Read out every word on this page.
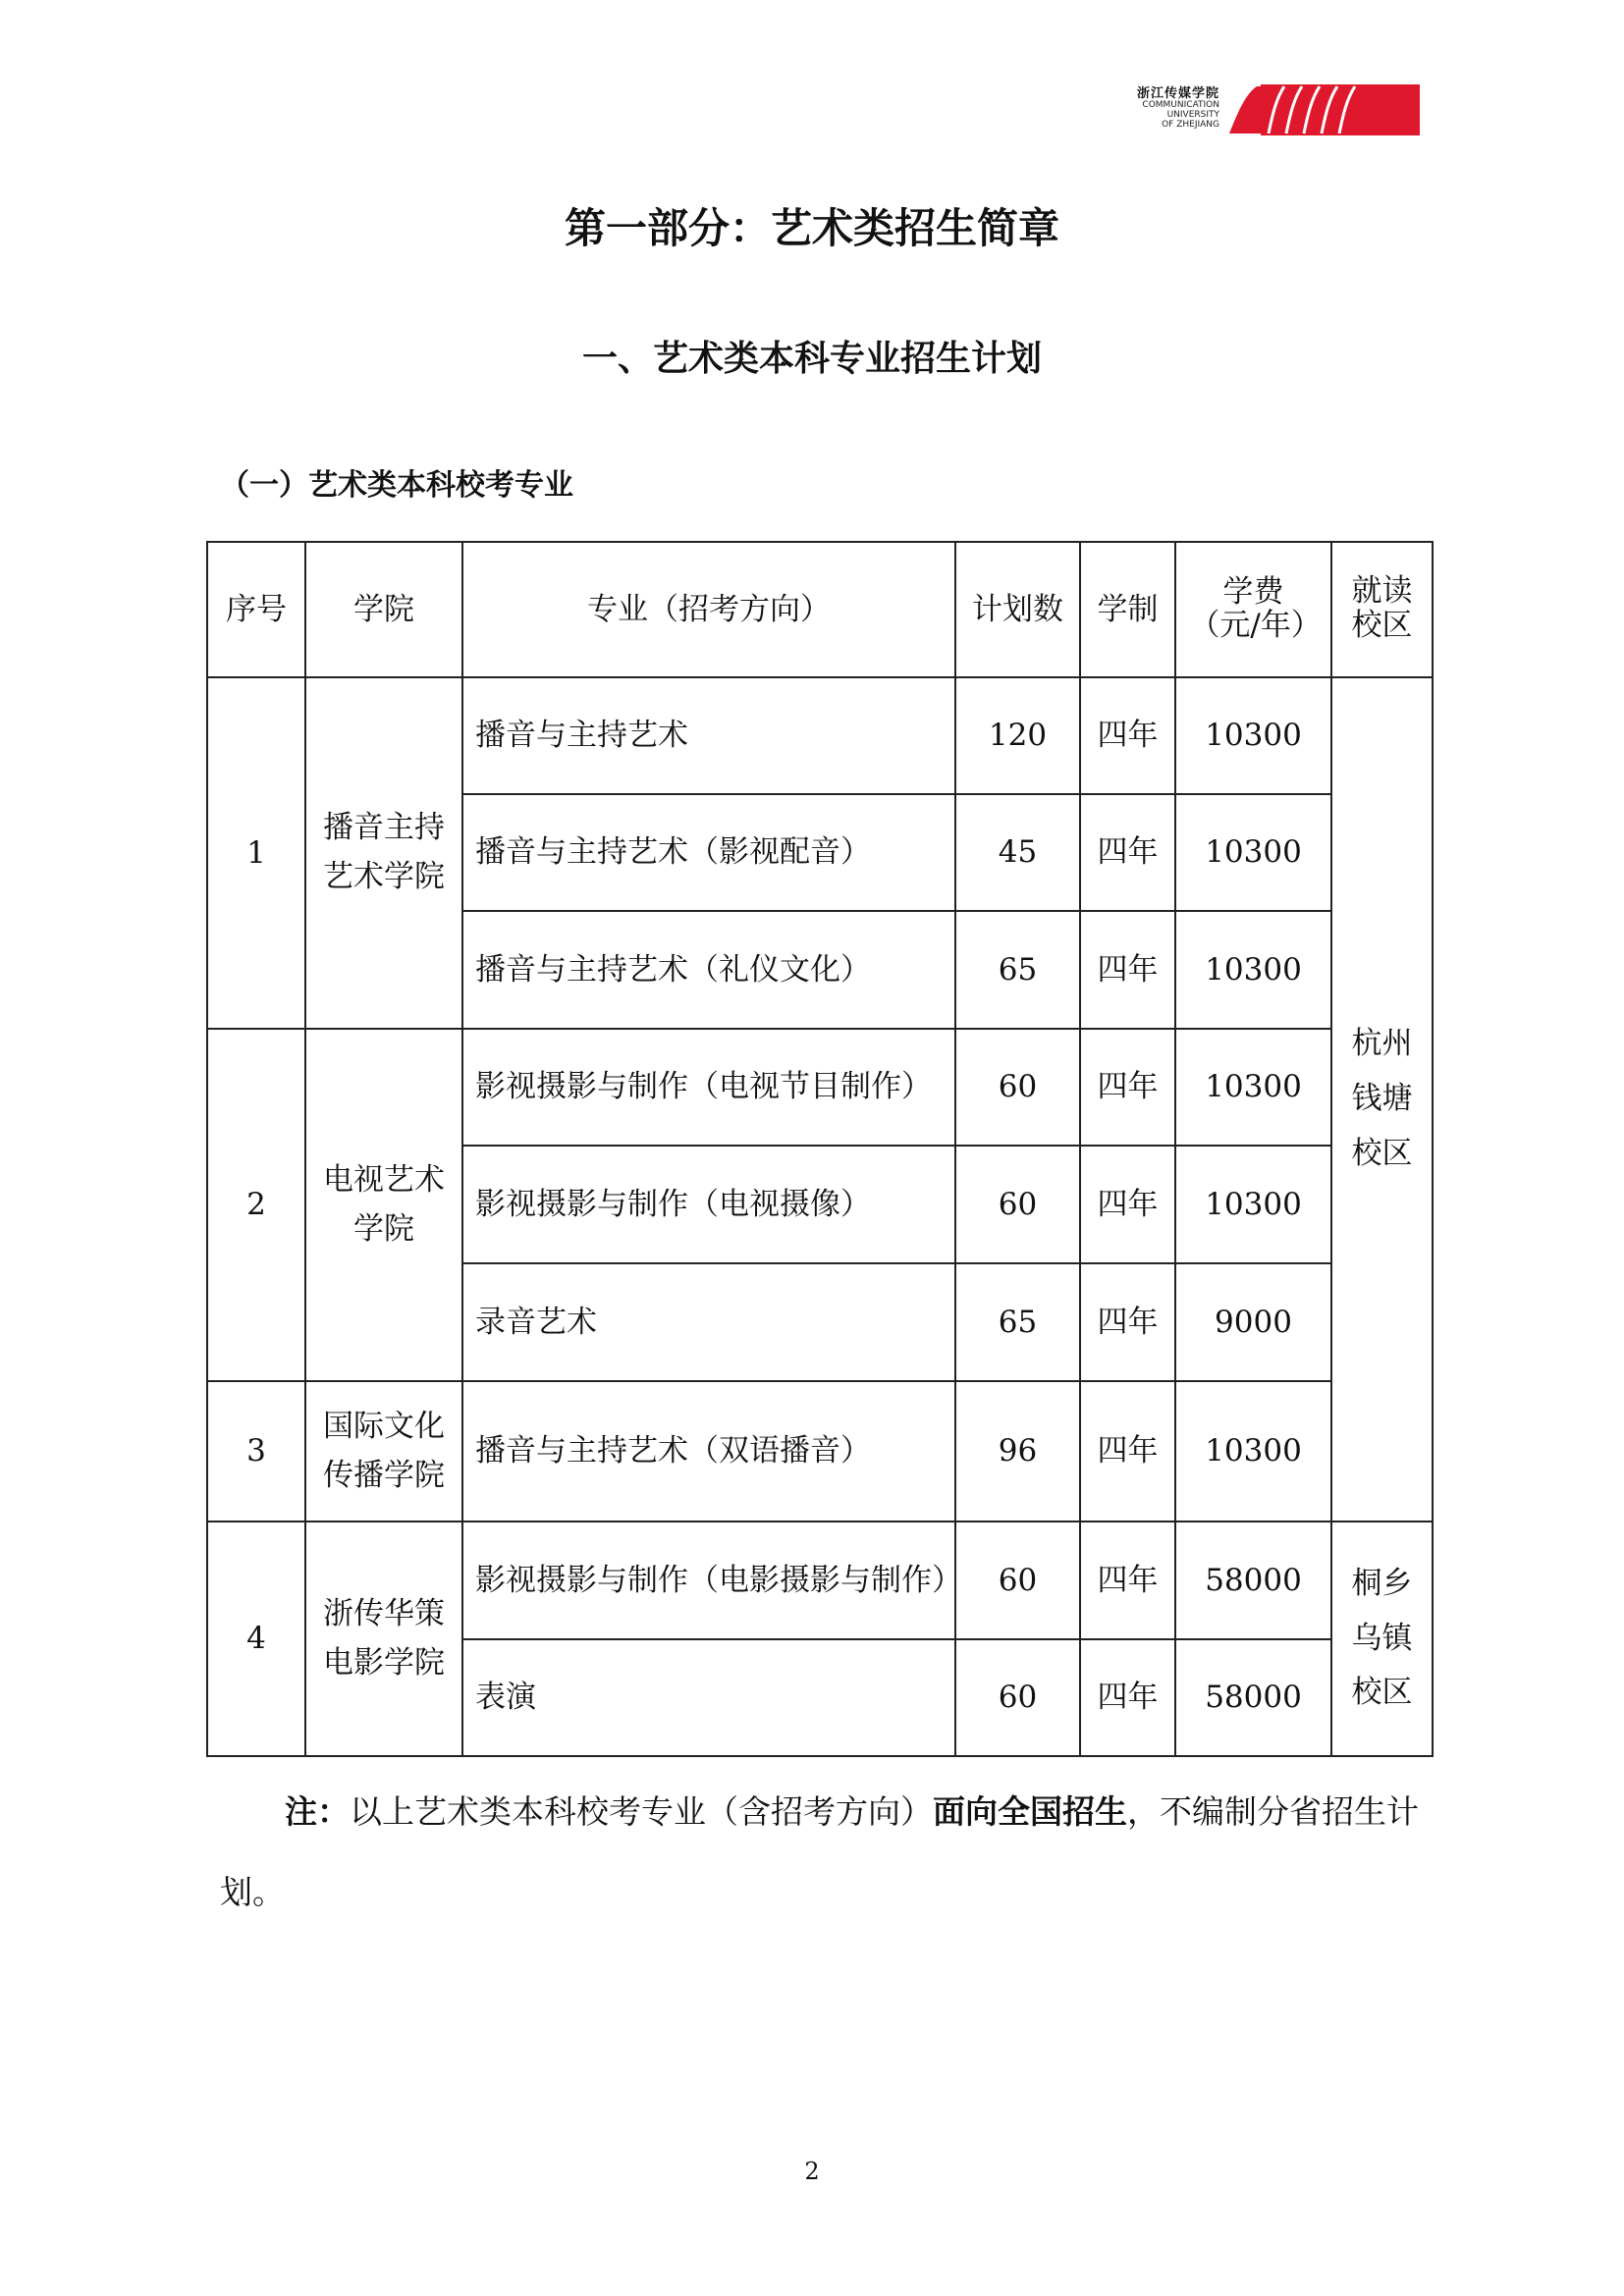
浙江传媒学院
COMMUNICATION
UNIVERSITY
OF ZHEJIANG
第一部分：艺术类招生简章
一、艺术类本科专业招生计划
（一）艺术类本科校考专业
序号	学院	专业（招考方向）	计划数	学制	学费（元/年）	就读校区
1	播音主持艺术学院	播音与主持艺术	120	四年	10300	杭州钱塘校区
		播音与主持艺术（影视配音）	45	四年	10300	
		播音与主持艺术（礼仪文化）	65	四年	10300	
2	电视艺术学院	影视摄影与制作（电视节目制作）	60	四年	10300	
		影视摄影与制作（电视摄像）	60	四年	10300	
		录音艺术	65	四年	9000	
3	国际文化传播学院	播音与主持艺术（双语播音）	96	四年	10300	
4	浙传华策电影学院	影视摄影与制作（电影摄影与制作）	60	四年	58000	桐乡乌镇校区
		表演	60	四年	58000	
注：以上艺术类本科校考专业（含招考方向）面向全国招生，不编制分省招生计划。
2
